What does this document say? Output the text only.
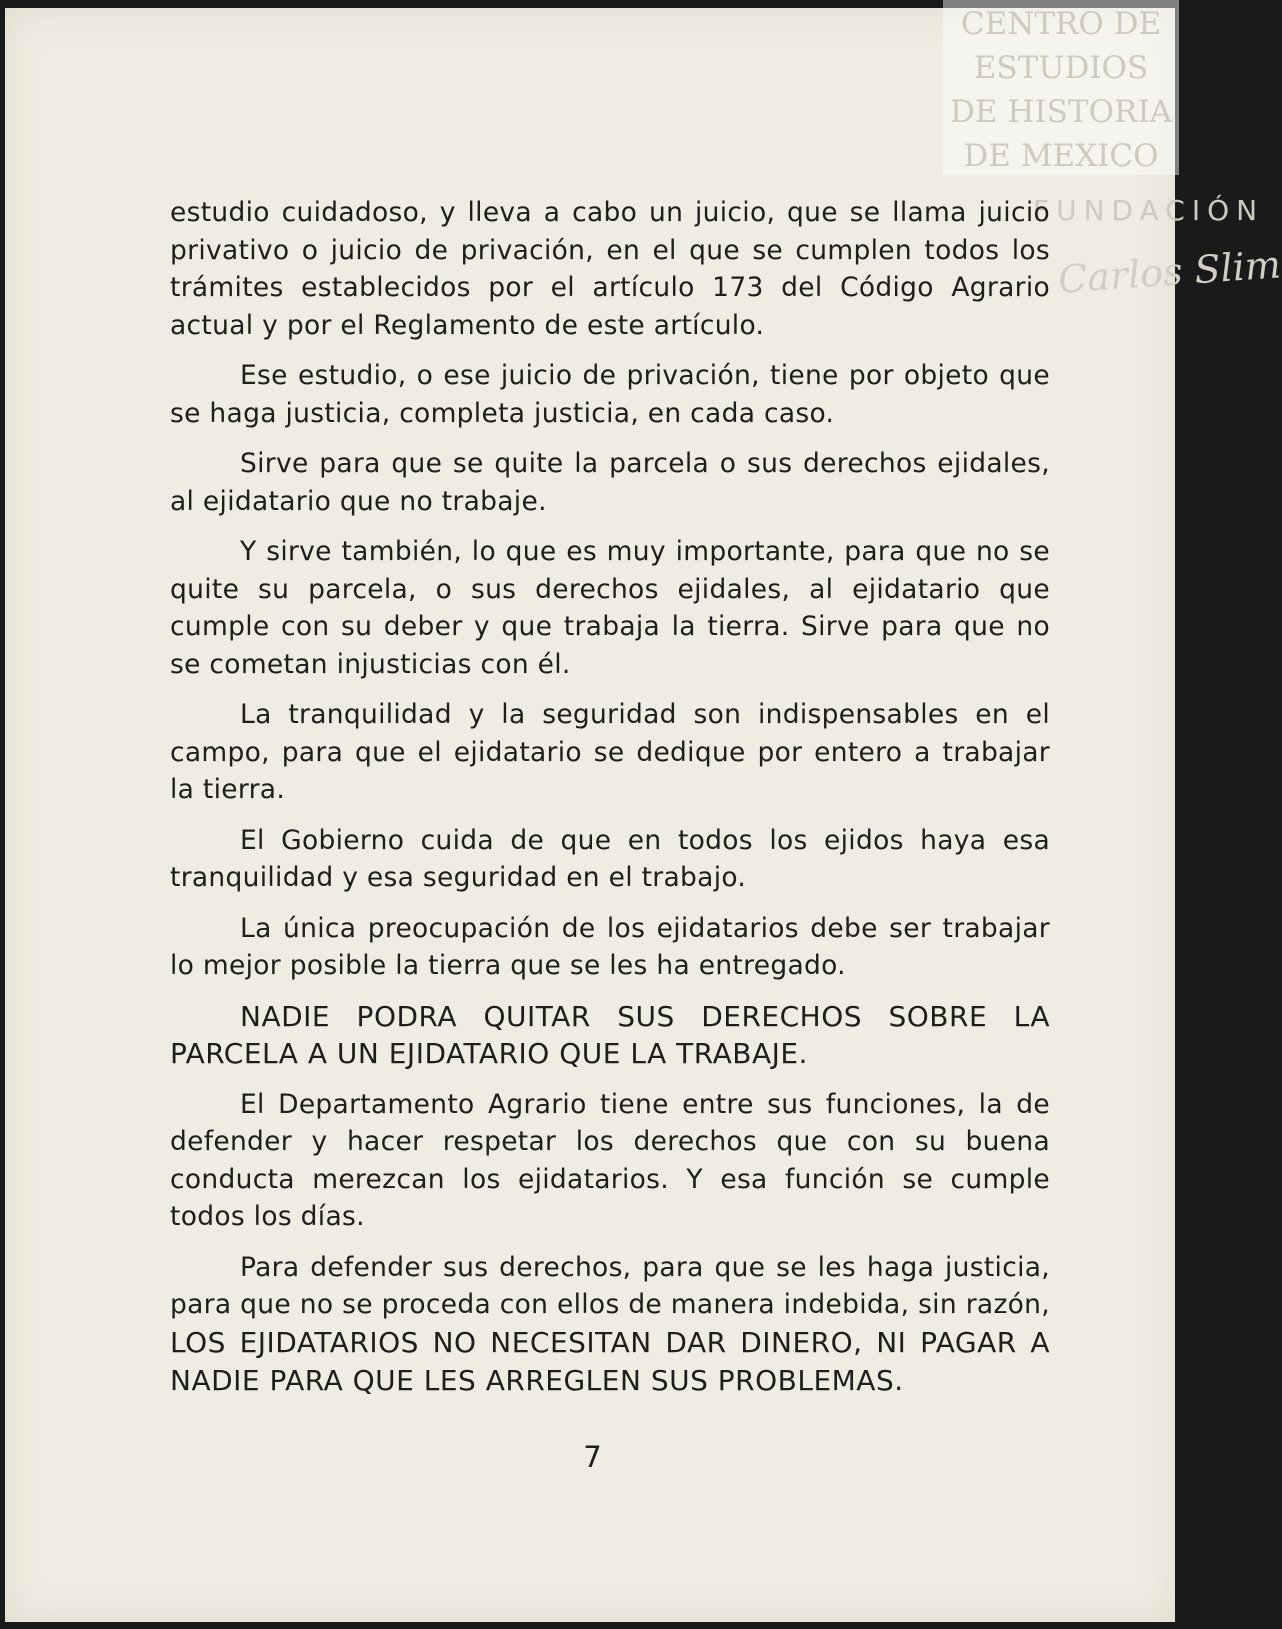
CENTRO DE
ESTUDIOS
DE HISTORIA
DE MEXICO
FUNDACIÓN
Carlos Slim

estudio cuidadoso, y lleva a cabo un juicio, que se llama juicio privativo o juicio de privación, en el que se cumplen todos los trámites establecidos por el artículo 173 del Código Agrario actual y por el Reglamento de este artículo.

Ese estudio, o ese juicio de privación, tiene por objeto que se haga justicia, completa justicia, en cada caso.

Sirve para que se quite la parcela o sus derechos ejidales, al ejidatario que no trabaje.

Y sirve también, lo que es muy importante, para que no se quite su parcela, o sus derechos ejidales, al ejidatario que cumple con su deber y que trabaja la tierra. Sirve para que no se cometan injusticias con él.

La tranquilidad y la seguridad son indispensables en el campo, para que el ejidatario se dedique por entero a trabajar la tierra.

El Gobierno cuida de que en todos los ejidos haya esa tranquilidad y esa seguridad en el trabajo.

La única preocupación de los ejidatarios debe ser trabajar lo mejor posible la tierra que se les ha entregado.

NADIE PODRA QUITAR SUS DERECHOS SOBRE LA PARCELA A UN EJIDATARIO QUE LA TRABAJE.

El Departamento Agrario tiene entre sus funciones, la de defender y hacer respetar los derechos que con su buena conducta merezcan los ejidatarios. Y esa función se cumple todos los días.

Para defender sus derechos, para que se les haga justicia, para que no se proceda con ellos de manera indebida, sin razón, LOS EJIDATARIOS NO NECESITAN DAR DINERO, NI PAGAR A NADIE PARA QUE LES ARREGLEN SUS PROBLEMAS.

7
